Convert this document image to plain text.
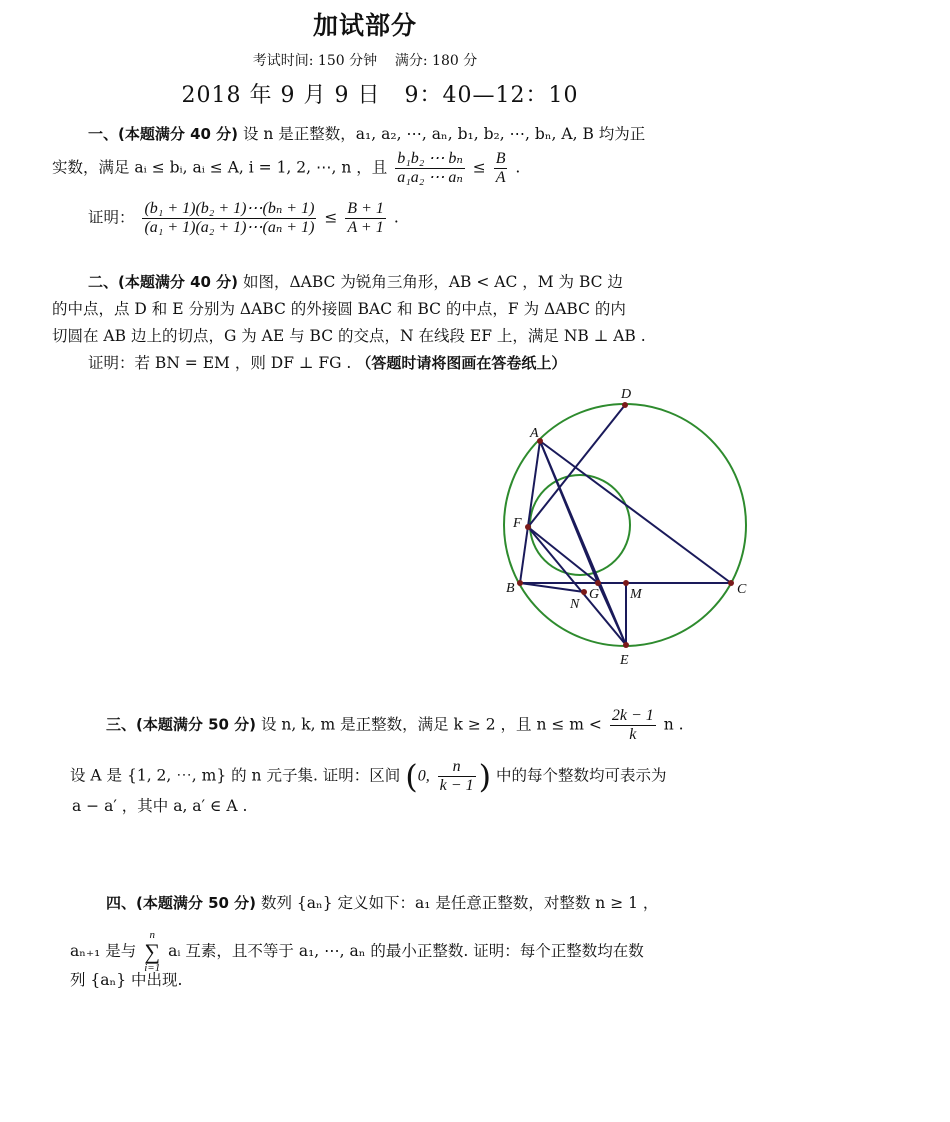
加试部分
考试时间: 150 分钟    满分: 180 分
2018 年 9 月 9 日   9：40—12：10
一、(本题满分 40 分) 设 n 是正整数，a₁, a₂, ⋯, aₙ, b₁, b₂, ⋯, bₙ, A, B 均为正
实数，满足 aᵢ ≤ bᵢ, aᵢ ≤ A, i = 1, 2, ⋯, n ，且 $\frac{\text{b₁b₂ ⋯ bₙ}}{\text{a₁a₂ ⋯ aₙ}} \le \frac{B}{A}$ .
证明： $\frac{\text{(b₁ + 1)(b₂ + 1)⋯(bₙ + 1)}}{\text{(a₁ + 1)(a₂ + 1)⋯(aₙ + 1)}} \le \frac{B + 1}{A + 1}$ .
二、(本题满分 40 分) 如图，ΔABC 为锐角三角形，AB < AC ，M 为 BC 边
的中点，点 D 和 E 分别为 ΔABC 的外接圆 BAC 和 BC 的中点，F 为 ΔABC 的内
切圆在 AB 边上的切点，G 为 AE 与 BC 的交点，N 在线段 EF 上，满足 NB ⊥ AB .
证明：若 BN = EM ，则 DF ⊥ FG . （答题时请将图画在答卷纸上）
D
A
F
B	G M	C
N
E
三、(本题满分 50 分) 设 n, k, m 是正整数，满足 k ≥ 2 ，且 $n \le m < \frac{2k - 1}{k}$ n .
设 A 是 {1, 2, ⋯, m} 的 n 元子集. 证明：区间 (0, $\frac{n}{k - 1}$ ) 中的每个整数均可表示为
a − a′ ，其中 a, a′ ∈ A .
四、(本题满分 50 分) 数列 {aₙ} 定义如下：a₁ 是任意正整数，对整数 n ≥ 1 ，
aₙ₊₁ 是与
n
∑
i=1
aᵢ 互素，且不等于 a₁, ⋯, aₙ 的最小正整数. 证明：每个正整数均在数
列 {aₙ} 中出现.
